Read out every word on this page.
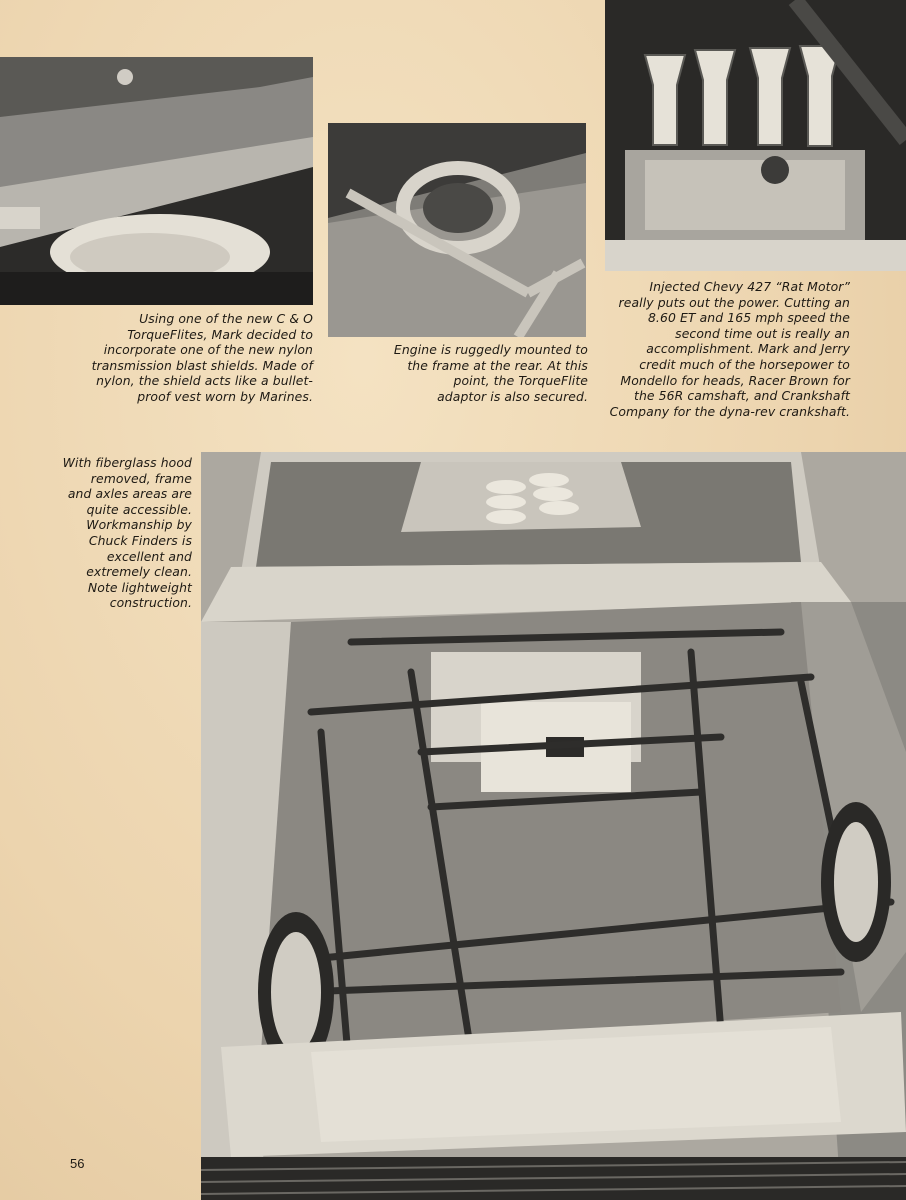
Using one of the new C & O
TorqueFlites, Mark decided to
incorporate one of the new nylon
transmission blast shields. Made of
nylon, the shield acts like a bullet-
proof vest worn by Marines.
Engine is ruggedly mounted to
the frame at the rear. At this
point, the TorqueFlite
adaptor is also secured.
Injected Chevy 427 “Rat Motor”
really puts out the power. Cutting an
8.60 ET and 165 mph speed the
second time out is really an
accomplishment. Mark and Jerry
credit much of the horsepower to
Mondello for heads, Racer Brown for
the 56R camshaft, and Crankshaft
Company for the dyna-rev crankshaft.
With fiberglass hood
removed, frame
and axles areas are
quite accessible.
Workmanship by
Chuck Finders is
excellent and
extremely clean.
Note lightweight
construction.
56
